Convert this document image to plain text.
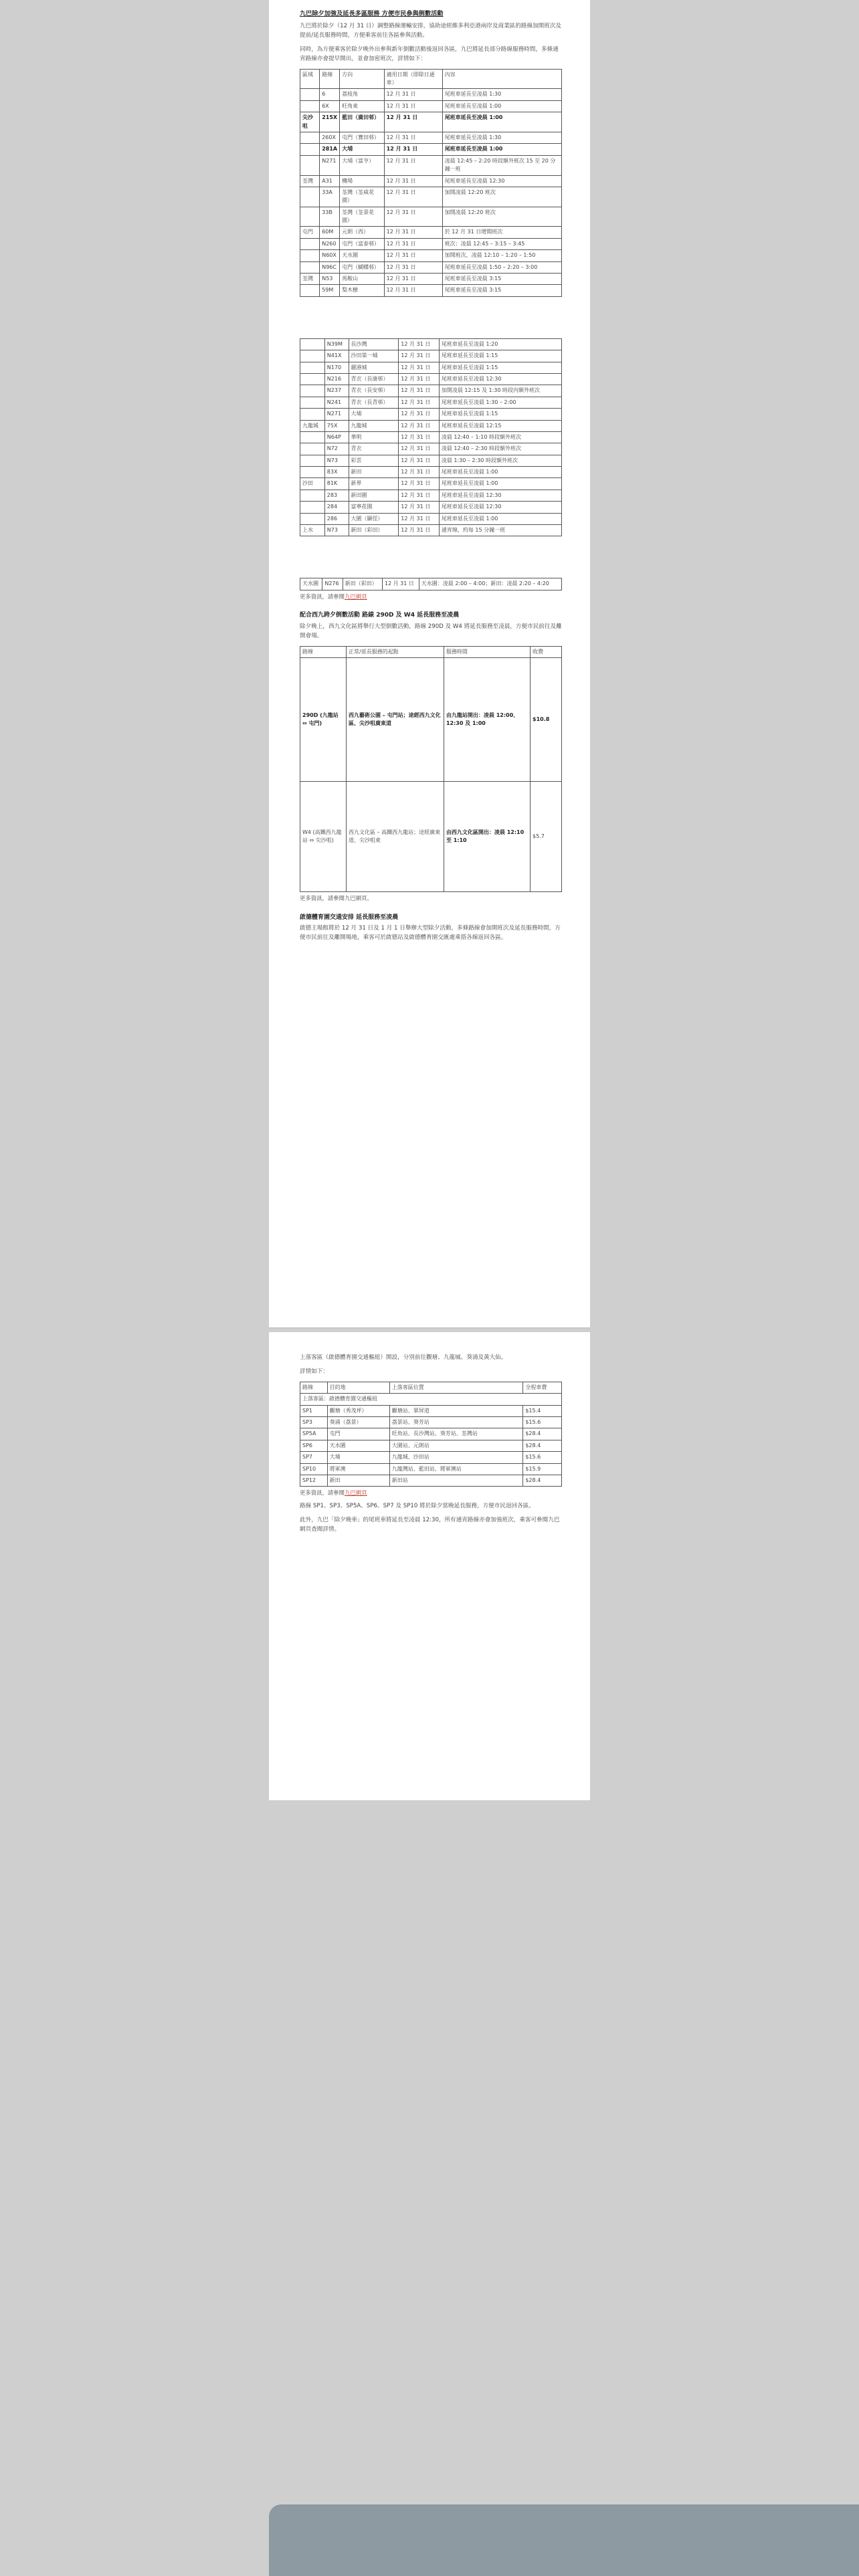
九巴除夕加強及延長多區服務 方便市民參與倒數活動

九巴將於除夕（12 月 31 日）調整路線運輸安排，協助途經維多利亞港兩岸及商業區的路線加開班次及提前/延長服務時間，方便乘客前往各區參與活動。

同時，為方便乘客於除夕晚外出參與新年倒數活動後返回各區，九巴將延長部分路線服務時間，多條通宵路線亦會提早開出，並會加密班次，詳情如下：

區域	路線	方向	適用日期（即除日通車）	內容
	6	荔枝角	12 月 31 日	尾班車延長至凌晨 1:30
	6X	旺角東	12 月 31 日	尾班車延長至凌晨 1:00
尖沙咀	215X	藍田（廣田邨）	12 月 31 日	尾班車延長至凌晨 1:00
	260X	屯門（寶田邨）	12 月 31 日	尾班車延長至凌晨 1:30
	281A	大埔	12 月 31 日	尾班車延長至凌晨 1:00
	N271	大埔（富亨）	12 月 31 日	凌晨 12:45 – 2:20 時段額外班次 15 至 20 分鐘一班
荃灣	A31	機場	12 月 31 日	尾班車延長至凌晨 12:30
	33A	荃灣（荃威花園）	12 月 31 日	加開凌晨 12:20 班次
	33B	荃灣（荃景花園）	12 月 31 日	加開凌晨 12:20 班次
屯門	60M	元朗（西）	12 月 31 日	於 12 月 31 日增開班次
	N260	屯門（富泰邨）	12 月 31 日	班次：凌晨 12:45 – 3:15 – 3:45
	N60X	天水圍	12 月 31 日	加開班次，凌晨 12:10 – 1:20 – 1:50
	N96C	屯門（蝴蝶邨）	12 月 31 日	尾班車延長至凌晨 1:50 – 2:20 – 3:00
荃灣	N53	馬鞍山	12 月 31 日	尾班車延長至凌晨 3:15
	59M	梨木樹	12 月 31 日	尾班車延長至凌晨 3:15
	N39M	長沙灣	12 月 31 日	尾班車延長至凌晨 1:20
	N41X	沙田第一城	12 月 31 日	尾班車延長至凌晨 1:15
	N170	麗港城	12 月 31 日	尾班車延長至凌晨 1:15
	N216	青衣（長康邨）	12 月 31 日	尾班車延長至凌晨 12:30
	N237	青衣（長安邨）	12 月 31 日	加開凌晨 12:15 及 1:30 時段內額外班次
	N241	青衣（長青邨）	12 月 31 日	尾班車延長至凌晨 1:30 – 2:00
	N271	大埔	12 月 31 日	尾班車延長至凌晨 1:15
九龍城	75X	九龍城	12 月 31 日	尾班車延長至凌晨 12:15
	N64P	華明	12 月 31 日	凌晨 12:40 – 1:10 時段額外班次
	N72	青衣	12 月 31 日	凌晨 12:40 – 2:30 時段額外班次
	N73	彩雲	12 月 31 日	凌晨 1:30 – 2:30 時段額外班次
	83X	新田	12 月 31 日	尾班車延長至凌晨 1:00
沙田	81K	新界	12 月 31 日	尾班車延長至凌晨 1:00
	283	新田圍	12 月 31 日	尾班車延長至凌晨 12:30
	284	富寧花園	12 月 31 日	尾班車延長至凌晨 12:30
	286	大圍（顯徑）	12 月 31 日	尾班車延長至凌晨 1:00
上水	N73	新田（彩田）	12 月 31 日	通宵線，約每 15 分鐘一班
天水圍	N276	新田（彩田）	12 月 31 日	天水圍：凌晨 2:00 – 4:00；新田：凌晨 2:20 – 4:20
更多資訊，請參閱九巴網頁
配合西九跨夕倒數活動 路線 290D 及 W4 延長服務至凌晨

除夕晚上，西九文化區將舉行大型倒數活動，路線 290D 及 W4 將延長服務至凌晨，方便市民前往及離開會場。

路線	正常/延長服務的起點	服務時間	收費
290D (九龍站 ⇔ 屯門)	西九藝術公園 – 屯門站；途經西九文化區、尖沙咀廣東道	由九龍站開出：凌晨 12:00、12:30 及 1:00	$10.8
W4 (高鐵西九龍站 ⇔ 尖沙咀)	西九文化區 – 高鐵西九龍站；途經廣東道、尖沙咀東	由西九文化區開出：凌晨 12:10 至 1:10	$5.7
更多資訊，請參閱九巴網頁。
啟德體育園交通安排 延長服務至凌晨

啟德主場館將於 12 月 31 日及 1 月 1 日舉辦大型除夕活動，多條路線會加開班次及延長服務時間，方便市民前往及離開場地，乘客可於啟德站及啟德體育園交匯處乘搭各線返回各區。

上落客區（啟德體育園交通樞紐）開設，分別前往觀塘、九龍城、葵涌及黃大仙。

詳情如下：

路線	目的地	上落客區位置	全程車費
上落客區：啟德體育園交通樞紐			
SP1	觀塘（秀茂坪）	觀塘站、翠屏道	$15.4
SP3	葵涌（荔景）	荔景站、葵芳站	$15.6
SP5A	屯門	旺角站、長沙灣站、葵芳站、荃灣站	$28.4
SP6	天水圍	大圍站、元朗站	$28.4
SP7	大埔	九龍城、沙田站	$15.6
SP10	將軍澳	九龍灣站、藍田站、將軍澳站	$15.9
SP12	新田	新田站	$28.4
更多資訊，請參閱九巴網頁

路線 SP1、SP3、SP5A、SP6、SP7 及 SP10 將於除夕當晚延長服務，方便市民返回各區。

此外，九巴「除夕晚車」的尾班車將延長至凌晨 12:30，所有通宵路線亦會加強班次，乘客可參閱九巴網頁查閱詳情。
